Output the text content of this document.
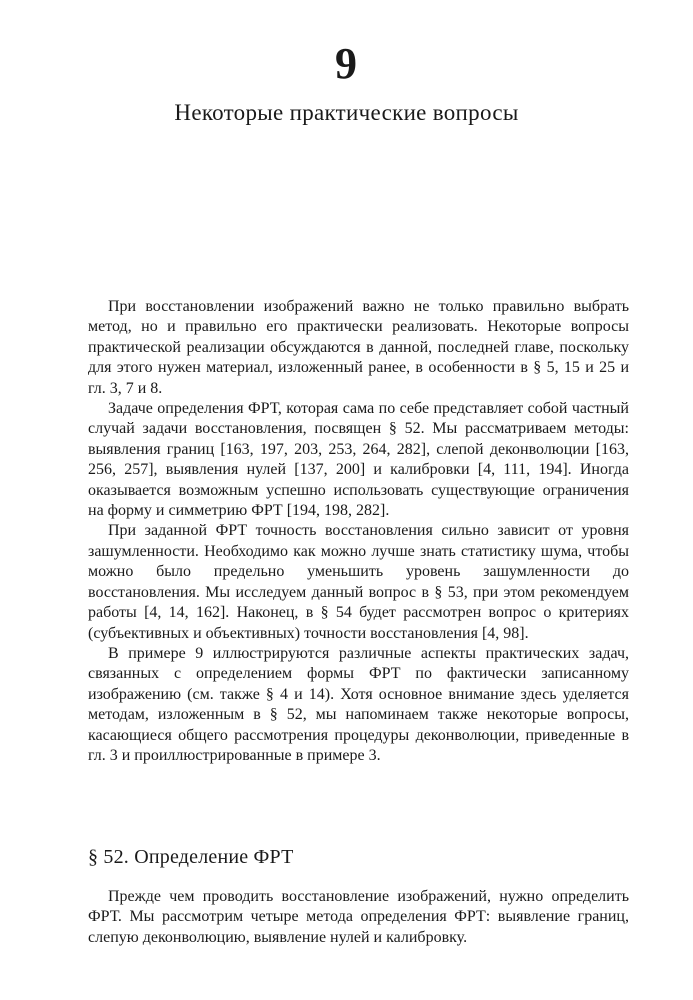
9
Некоторые практические вопросы

При восстановлении изображений важно не только правильно выбрать метод, но и правильно его практически реализовать. Некоторые вопросы практической реализации обсуждаются в данной, последней главе, поскольку для этого нужен материал, изложенный ранее, в особенности в § 5, 15 и 25 и гл. 3, 7 и 8.

Задаче определения ФРТ, которая сама по себе представляет собой частный случай задачи восстановления, посвящен § 52. Мы рассматриваем методы: выявления границ [163, 197, 203, 253, 264, 282], слепой деконволюции [163, 256, 257], выявления нулей [137, 200] и калибровки [4, 111, 194]. Иногда оказывается возможным успешно использовать существующие ограничения на форму и симметрию ФРТ [194, 198, 282].

При заданной ФРТ точность восстановления сильно зависит от уровня зашумленности. Необходимо как можно лучше знать статистику шума, чтобы можно было предельно уменьшить уровень зашумленности до восстановления. Мы исследуем данный вопрос в § 53, при этом рекомендуем работы [4, 14, 162]. Наконец, в § 54 будет рассмотрен вопрос о критериях (субъективных и объективных) точности восстановления [4, 98].

В примере 9 иллюстрируются различные аспекты практических задач, связанных с определением формы ФРТ по фактически записанному изображению (см. также § 4 и 14). Хотя основное внимание здесь уделяется методам, изложенным в § 52, мы напоминаем также некоторые вопросы, касающиеся общего рассмотрения процедуры деконволюции, приведенные в гл. 3 и проиллюстрированные в примере 3.

§ 52. Определение ФРТ

Прежде чем проводить восстановление изображений, нужно определить ФРТ. Мы рассмотрим четыре метода определения ФРТ: выявление границ, слепую деконволюцию, выявление нулей и калибровку.
